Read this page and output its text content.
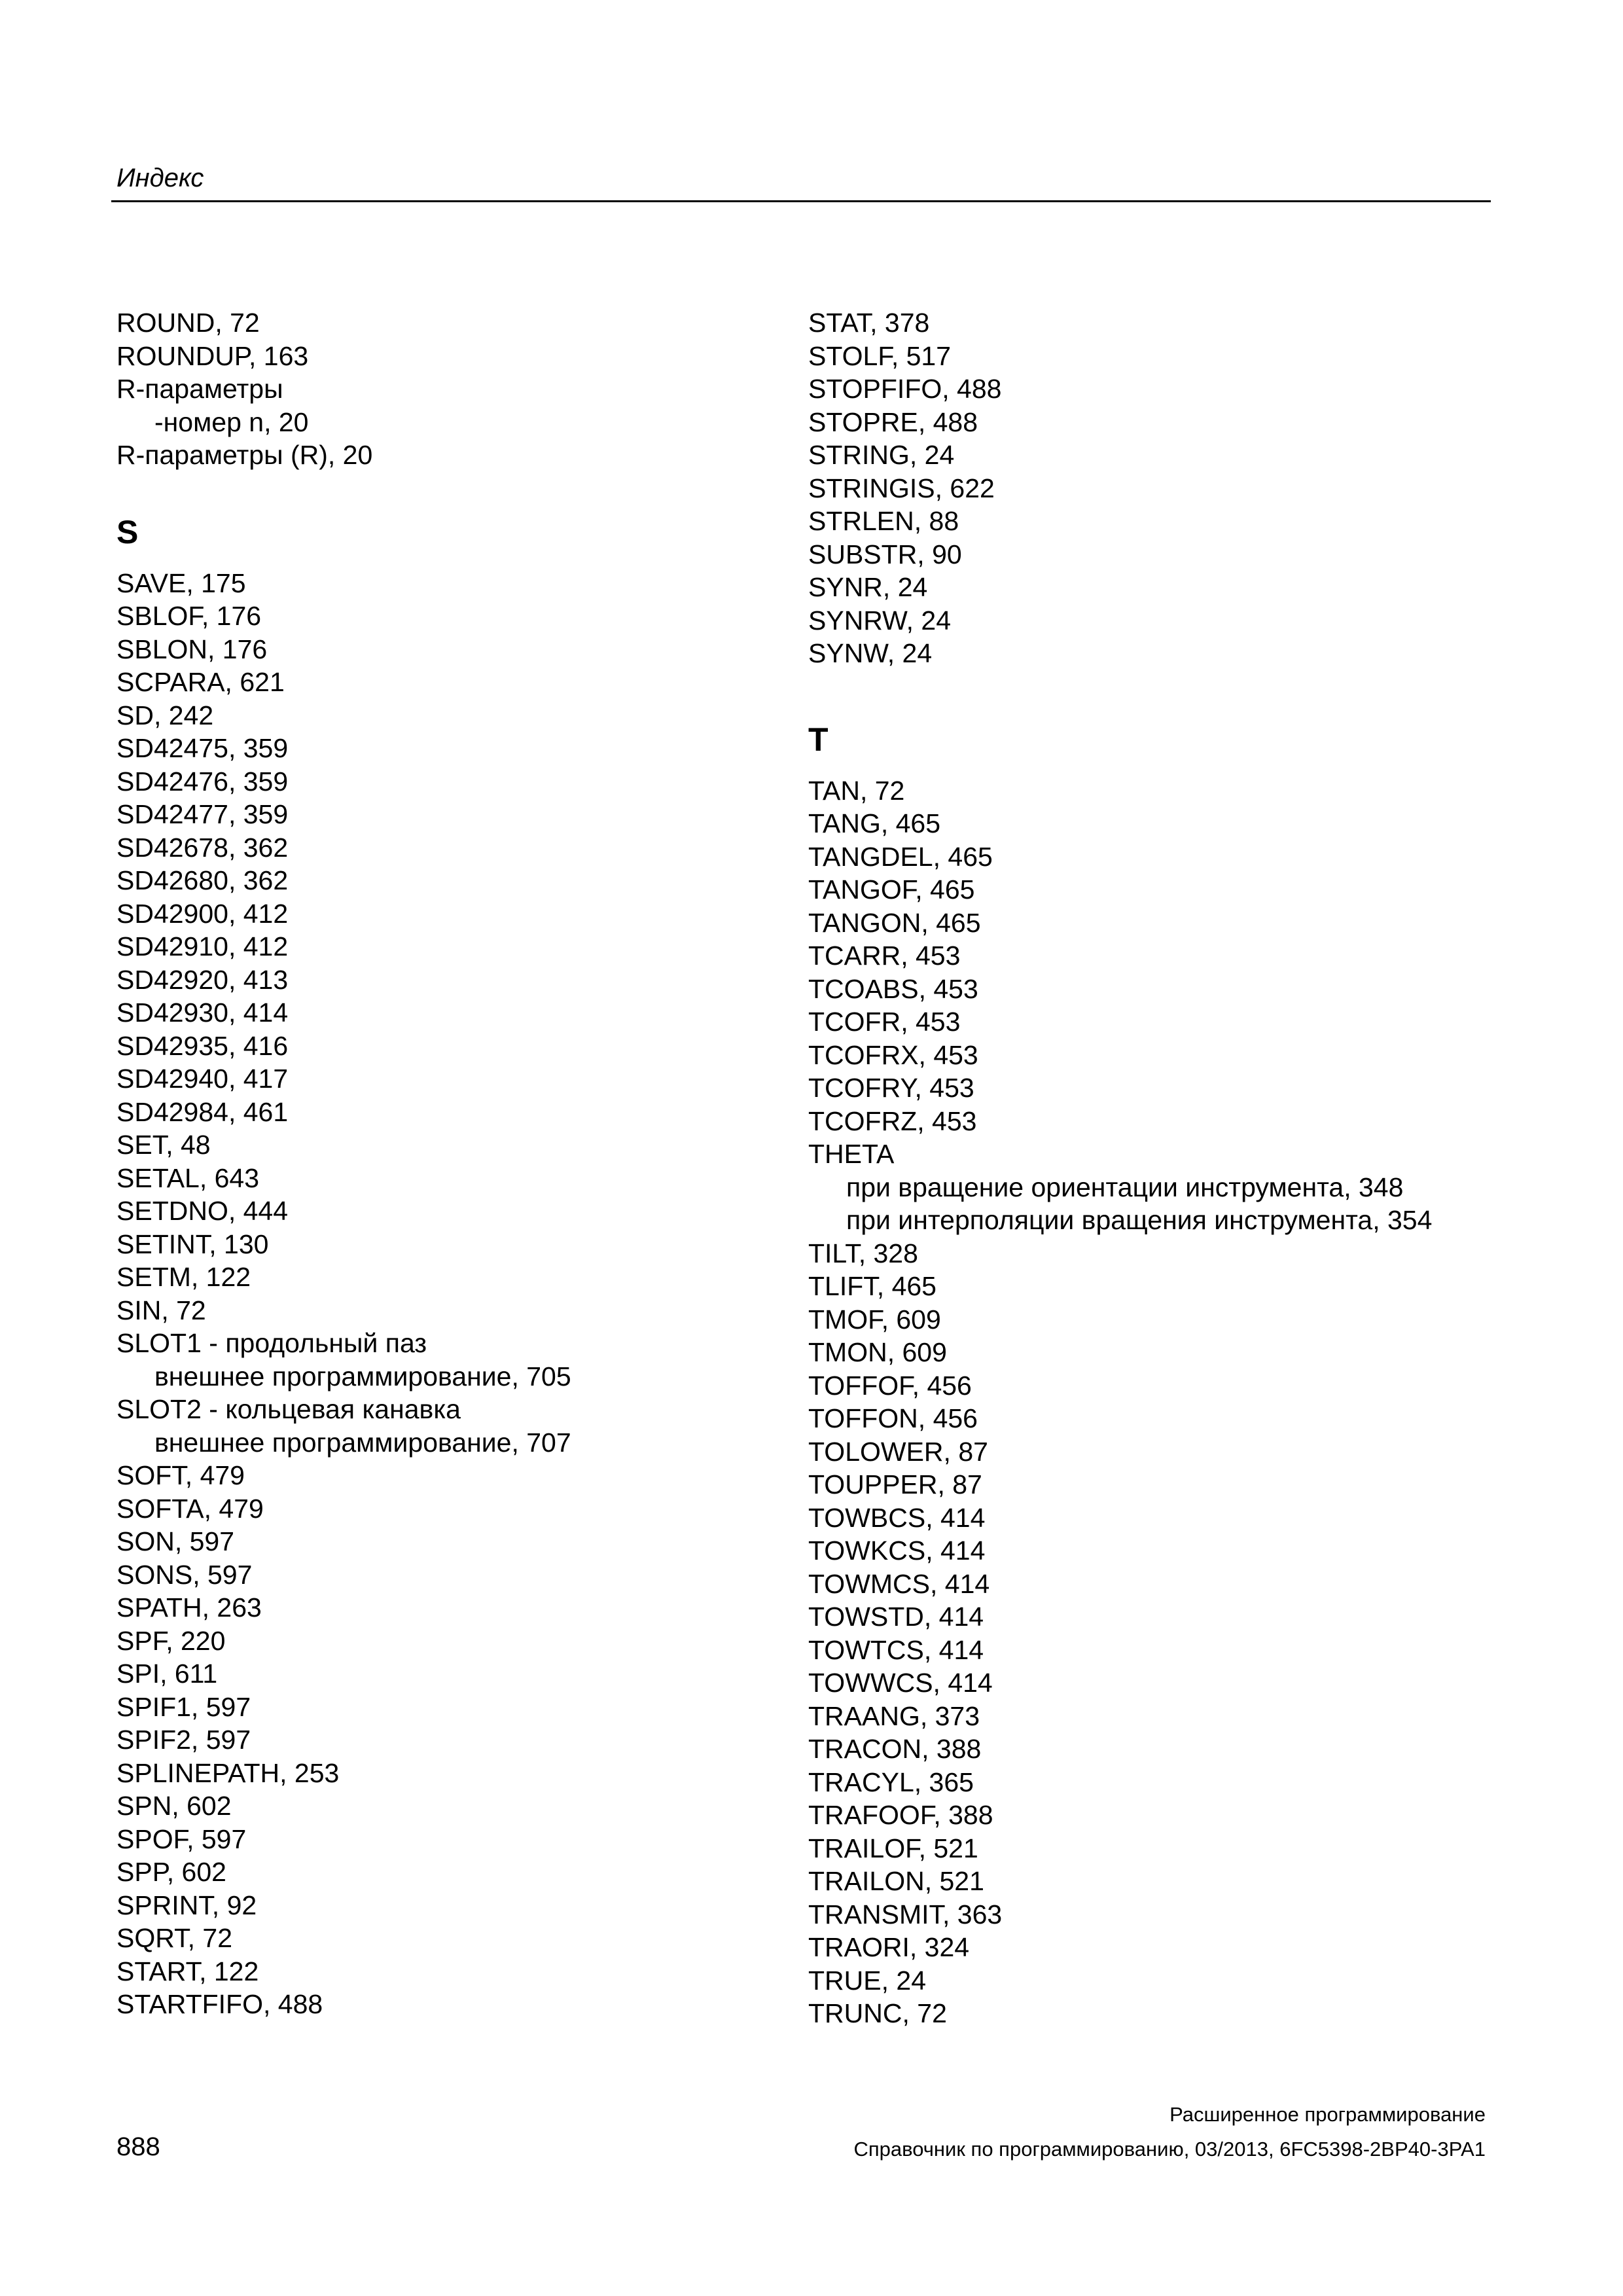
Индекс
ROUND, 72
ROUNDUP, 163
R-параметры
-номер n, 20
R-параметры (R), 20
S
SAVE, 175
SBLOF, 176
SBLON, 176
SCPARA, 621
SD, 242
SD42475, 359
SD42476, 359
SD42477, 359
SD42678, 362
SD42680, 362
SD42900, 412
SD42910, 412
SD42920, 413
SD42930, 414
SD42935, 416
SD42940, 417
SD42984, 461
SET, 48
SETAL, 643
SETDNO, 444
SETINT, 130
SETM, 122
SIN, 72
SLOT1 - продольный паз
внешнее программирование, 705
SLOT2 - кольцевая канавка
внешнее программирование, 707
SOFT, 479
SOFTA, 479
SON, 597
SONS, 597
SPATH, 263
SPF, 220
SPI, 611
SPIF1, 597
SPIF2, 597
SPLINEPATH, 253
SPN, 602
SPOF, 597
SPP, 602
SPRINT, 92
SQRT, 72
START, 122
STARTFIFO, 488
STAT, 378
STOLF, 517
STOPFIFO, 488
STOPRE, 488
STRING, 24
STRINGIS, 622
STRLEN, 88
SUBSTR, 90
SYNR, 24
SYNRW, 24
SYNW, 24
T
TAN, 72
TANG, 465
TANGDEL, 465
TANGOF, 465
TANGON, 465
TCARR, 453
TCOABS, 453
TCOFR, 453
TCOFRX, 453
TCOFRY, 453
TCOFRZ, 453
THETA
при вращение ориентации инструмента, 348
при интерполяции вращения инструмента, 354
TILT, 328
TLIFT, 465
TMOF, 609
TMON, 609
TOFFOF, 456
TOFFON, 456
TOLOWER, 87
TOUPPER, 87
TOWBCS, 414
TOWKCS, 414
TOWMCS, 414
TOWSTD, 414
TOWTCS, 414
TOWWCS, 414
TRAANG, 373
TRACON, 388
TRACYL, 365
TRAFOOF, 388
TRAILOF, 521
TRAILON, 521
TRANSMIT, 363
TRAORI, 324
TRUE, 24
TRUNC, 72
888
Расширенное программирование
Справочник по программированию, 03/2013, 6FC5398-2BP40-3PA1
